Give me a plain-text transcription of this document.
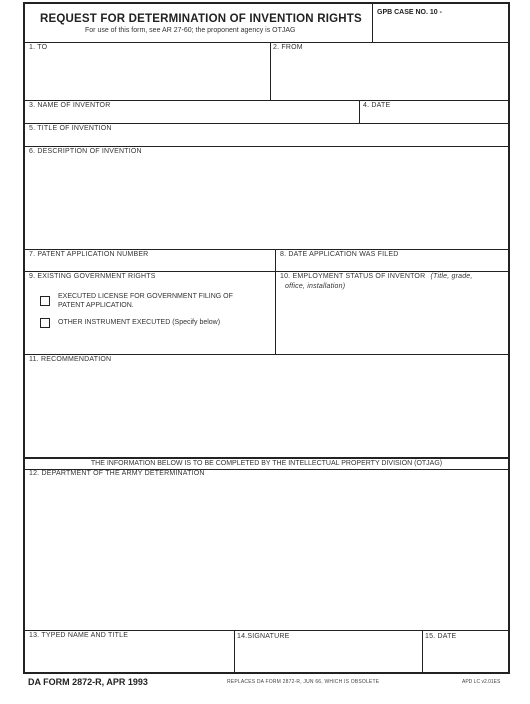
REQUEST FOR DETERMINATION OF INVENTION RIGHTS
For use of this form, see AR 27-60; the proponent agency is OTJAG
GPB CASE NO. 10 -
1. TO	2. FROM
3. NAME OF INVENTOR	4. DATE
5. TITLE OF INVENTION
6. DESCRIPTION OF INVENTION
7. PATENT APPLICATION NUMBER	8. DATE APPLICATION WAS FILED
9. EXISTING GOVERNMENT RIGHTS
EXECUTED LICENSE FOR GOVERNMENT FILING OF
PATENT APPLICATION.
OTHER INSTRUMENT EXECUTED (Specify below)
10. EMPLOYMENT STATUS OF INVENTOR (Title, grade,
office, installation)
11. RECOMMENDATION
THE INFORMATION BELOW IS TO BE COMPLETED BY THE INTELLECTUAL PROPERTY DIVISION (OTJAG)
12. DEPARTMENT OF THE ARMY DETERMINATION
13. TYPED NAME AND TITLE	14.SIGNATURE	15. DATE
DA FORM 2872-R, APR 1993	REPLACES DA FORM 2872-R, JUN 66, WHICH IS OBSOLETE	APD LC v2.01ES
